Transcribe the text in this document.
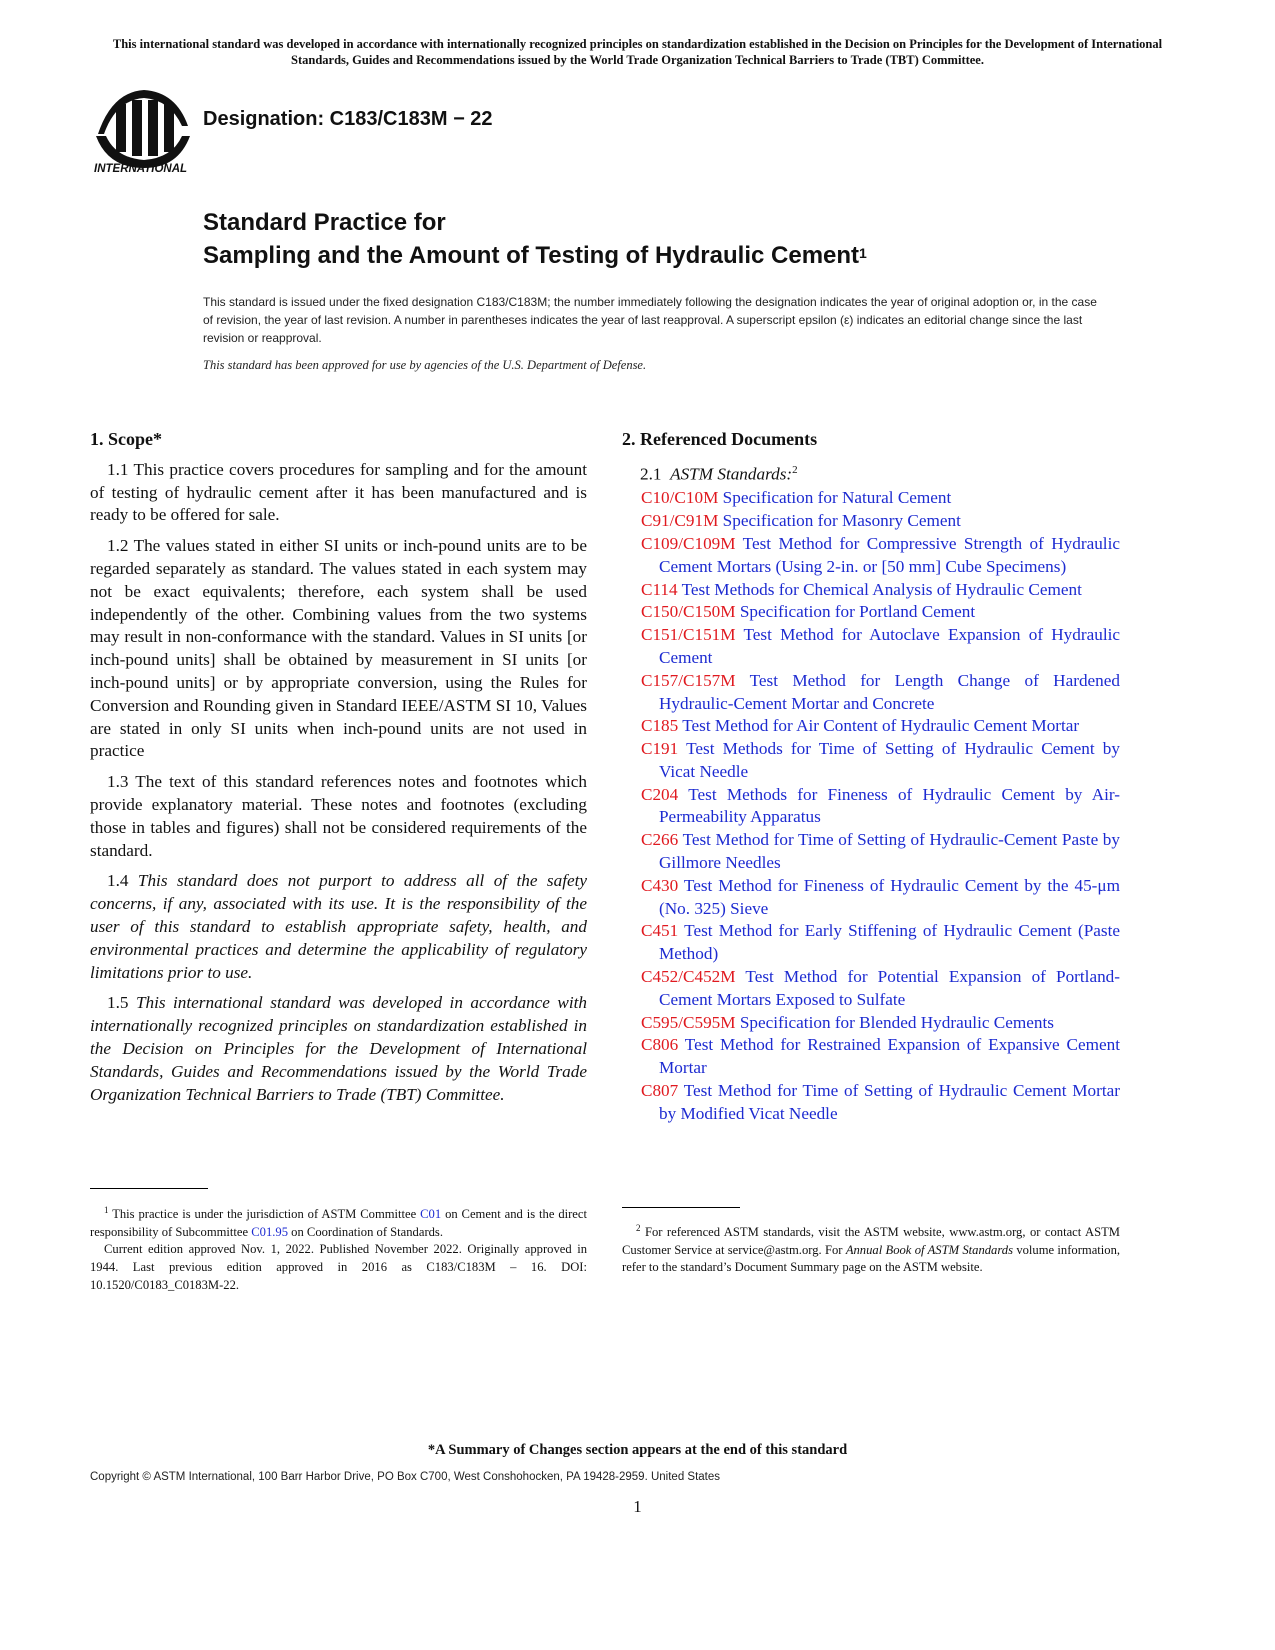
This international standard was developed in accordance with internationally recognized principles on standardization established in the Decision on Principles for the Development of International Standards, Guides and Recommendations issued by the World Trade Organization Technical Barriers to Trade (TBT) Committee.
INTERNATIONAL
Designation: C183/C183M − 22
Standard Practice for
Sampling and the Amount of Testing of Hydraulic Cement$^1$
This standard is issued under the fixed designation C183/C183M; the number immediately following the designation indicates the year of original adoption or, in the case of revision, the year of last revision. A number in parentheses indicates the year of last reapproval. A superscript epsilon (ε) indicates an editorial change since the last revision or reapproval.
This standard has been approved for use by agencies of the U.S. Department of Defense.
1. Scope*

1.1 This practice covers procedures for sampling and for the amount of testing of hydraulic cement after it has been manufactured and is ready to be offered for sale.

1.2 The values stated in either SI units or inch-pound units are to be regarded separately as standard. The values stated in each system may not be exact equivalents; therefore, each system shall be used independently of the other. Combining values from the two systems may result in non-conformance with the standard. Values in SI units [or inch-pound units] shall be obtained by measurement in SI units [or inch-pound units] or by appropriate conversion, using the Rules for Conversion and Rounding given in Standard IEEE/ASTM SI 10, Values are stated in only SI units when inch-pound units are not used in practice

1.3 The text of this standard references notes and footnotes which provide explanatory material. These notes and footnotes (excluding those in tables and figures) shall not be considered requirements of the standard.

1.4 This standard does not purport to address all of the safety concerns, if any, associated with its use. It is the responsibility of the user of this standard to establish appropriate safety, health, and environmental practices and determine the applicability of regulatory limitations prior to use.

1.5 This international standard was developed in accordance with internationally recognized principles on standardization established in the Decision on Principles for the Development of International Standards, Guides and Recommendations issued by the World Trade Organization Technical Barriers to Trade (TBT) Committee.

2. Referenced Documents
2.1 ASTM Standards:$^2$

C10/C10M Specification for Natural Cement

C91/C91M Specification for Masonry Cement

C109/C109M Test Method for Compressive Strength of Hydraulic Cement Mortars (Using 2-in. or [50 mm] Cube Specimens)

C114 Test Methods for Chemical Analysis of Hydraulic Cement

C150/C150M Specification for Portland Cement

C151/C151M Test Method for Autoclave Expansion of Hydraulic Cement

C157/C157M Test Method for Length Change of Hardened Hydraulic-Cement Mortar and Concrete

C185 Test Method for Air Content of Hydraulic Cement Mortar

C191 Test Methods for Time of Setting of Hydraulic Cement by Vicat Needle

C204 Test Methods for Fineness of Hydraulic Cement by Air-Permeability Apparatus

C266 Test Method for Time of Setting of Hydraulic-Cement Paste by Gillmore Needles

C430 Test Method for Fineness of Hydraulic Cement by the 45-μm (No. 325) Sieve

C451 Test Method for Early Stiffening of Hydraulic Cement (Paste Method)

C452/C452M Test Method for Potential Expansion of Portland-Cement Mortars Exposed to Sulfate

C595/C595M Specification for Blended Hydraulic Cements

C806 Test Method for Restrained Expansion of Expansive Cement Mortar

C807 Test Method for Time of Setting of Hydraulic Cement Mortar by Modified Vicat Needle

$^1$ This practice is under the jurisdiction of ASTM Committee C01 on Cement and is the direct responsibility of Subcommittee C01.95 on Coordination of Standards.

Current edition approved Nov. 1, 2022. Published November 2022. Originally approved in 1944. Last previous edition approved in 2016 as C183/C183M – 16. DOI: 10.1520/C0183_C0183M-22.

$^2$ For referenced ASTM standards, visit the ASTM website, www.astm.org, or contact ASTM Customer Service at service@astm.org. For Annual Book of ASTM Standards volume information, refer to the standard’s Document Summary page on the ASTM website.

*A Summary of Changes section appears at the end of this standard
Copyright © ASTM International, 100 Barr Harbor Drive, PO Box C700, West Conshohocken, PA 19428-2959. United States
1
